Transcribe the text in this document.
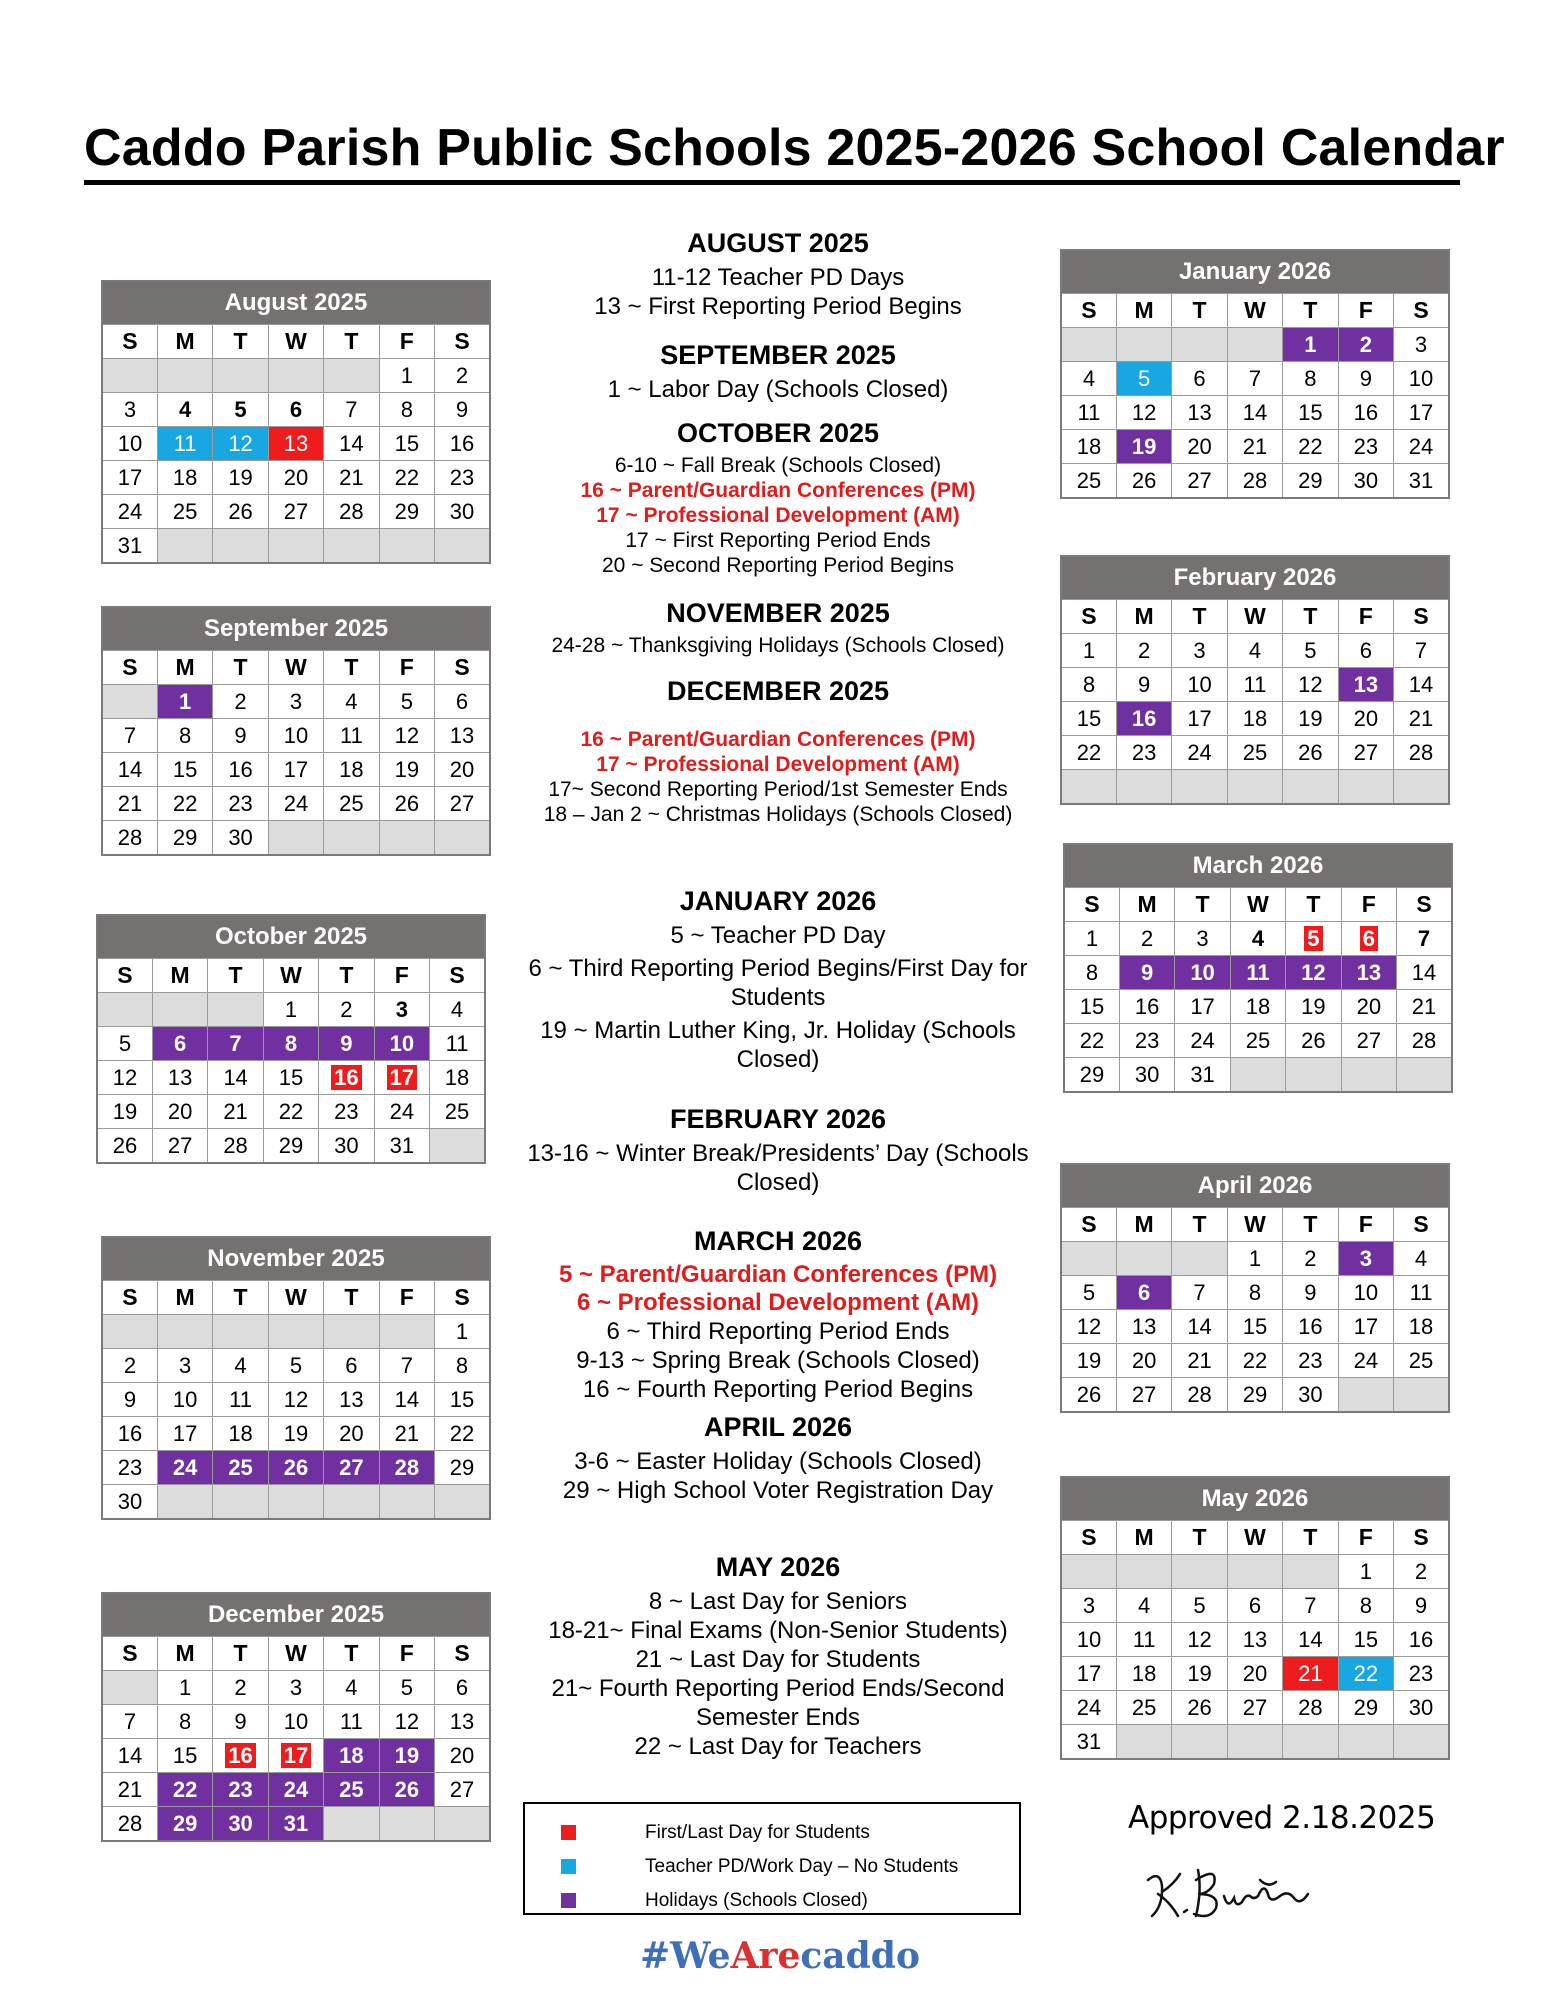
Caddo Parish Public Schools 2025-2026 School Calendar
August 2025						
S	M	T	W	T	F	S
					1	2
3	4	5	6	7	8	9
10	11	12	13	14	15	16
17	18	19	20	21	22	23
24	25	26	27	28	29	30
31						
September 2025						
S	M	T	W	T	F	S
	1	2	3	4	5	6
7	8	9	10	11	12	13
14	15	16	17	18	19	20
21	22	23	24	25	26	27
28	29	30				
October 2025						
S	M	T	W	T	F	S
			1	2	3	4
5	6	7	8	9	10	11
12	13	14	15	16	17	18
19	20	21	22	23	24	25
26	27	28	29	30	31	
November 2025						
S	M	T	W	T	F	S
						1
2	3	4	5	6	7	8
9	10	11	12	13	14	15
16	17	18	19	20	21	22
23	24	25	26	27	28	29
30						
December 2025						
S	M	T	W	T	F	S
	1	2	3	4	5	6
7	8	9	10	11	12	13
14	15	16	17	18	19	20
21	22	23	24	25	26	27
28	29	30	31			
January 2026						
S	M	T	W	T	F	S
				1	2	3
4	5	6	7	8	9	10
11	12	13	14	15	16	17
18	19	20	21	22	23	24
25	26	27	28	29	30	31
February 2026						
S	M	T	W	T	F	S
1	2	3	4	5	6	7
8	9	10	11	12	13	14
15	16	17	18	19	20	21
22	23	24	25	26	27	28

March 2026						
S	M	T	W	T	F	S
1	2	3	4	5	6	7
8	9	10	11	12	13	14
15	16	17	18	19	20	21
22	23	24	25	26	27	28
29	30	31				
April 2026						
S	M	T	W	T	F	S
			1	2	3	4
5	6	7	8	9	10	11
12	13	14	15	16	17	18
19	20	21	22	23	24	25
26	27	28	29	30		
May 2026						
S	M	T	W	T	F	S
					1	2
3	4	5	6	7	8	9
10	11	12	13	14	15	16
17	18	19	20	21	22	23
24	25	26	27	28	29	30
31						
AUGUST 2025
11-12 Teacher PD Days
13 ~ First Reporting Period Begins
SEPTEMBER 2025
1 ~ Labor Day (Schools Closed)
OCTOBER 2025
6-10 ~ Fall Break (Schools Closed)
16 ~ Parent/Guardian Conferences (PM)
17 ~ Professional Development (AM)
17 ~ First Reporting Period Ends
20 ~ Second Reporting Period Begins
NOVEMBER 2025
24-28 ~ Thanksgiving Holidays (Schools Closed)
DECEMBER 2025
16 ~ Parent/Guardian Conferences (PM)
17 ~ Professional Development (AM)
17~ Second Reporting Period/1st Semester Ends
18 – Jan 2 ~ Christmas Holidays (Schools Closed)
JANUARY 2026
5 ~ Teacher PD Day
6 ~ Third Reporting Period Begins/First Day for Students
19 ~ Martin Luther King, Jr. Holiday (Schools Closed)
FEBRUARY 2026
13-16 ~ Winter Break/Presidents’ Day (Schools Closed)
MARCH 2026
5 ~ Parent/Guardian Conferences (PM)
6 ~ Professional Development (AM)
6 ~ Third Reporting Period Ends
9-13 ~ Spring Break (Schools Closed)
16 ~ Fourth Reporting Period Begins
APRIL 2026
3-6 ~ Easter Holiday (Schools Closed)
29 ~ High School Voter Registration Day
MAY 2026
8 ~ Last Day for Seniors
18-21~ Final Exams (Non-Senior Students)
21 ~ Last Day for Students
21~ Fourth Reporting Period Ends/Second Semester Ends
22 ~ Last Day for Teachers
First/Last Day for Students
Teacher PD/Work Day – No Students
Holidays (Schools Closed)
Approved 2.18.2025
K. Burton
#WeArecaddo
